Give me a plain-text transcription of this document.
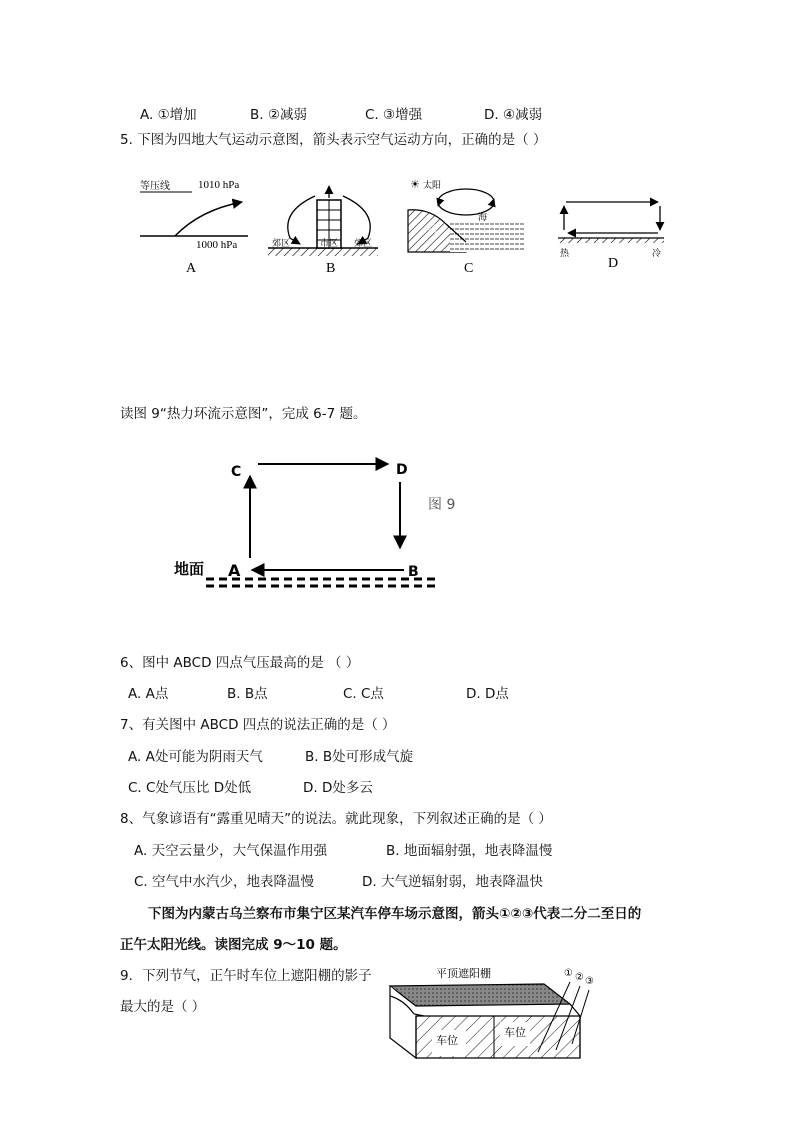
A. ①增加	B. ②减弱	C. ③增强	D. ④减弱
5. 下图为四地大气运动示意图，箭头表示空气运动方向，正确的是（ ）
等压线	1010 hPa
1000 hPa
A
郊区	市区 郊区
B
☀ 太阳
陆
海
C
热	冷
D
读图 9“热力环流示意图”，完成 6-7 题。
C	D
地面 A	B
图 9
6、图中 ABCD 四点气压最高的是 （ ）
A. A点	B. B点	C. C点	D. D点
7、有关图中 ABCD 四点的说法正确的是（ ）
A. A处可能为阴雨天气	B. B处可形成气旋
C. C处气压比 D处低	D. D处多云
8、气象谚语有“露重见晴天”的说法。就此现象，下列叙述正确的是（ ）
A. 天空云量少，大气保温作用强	B. 地面辐射强，地表降温慢
C. 空气中水汽少，地表降温慢	D. 大气逆辐射弱，地表降温快
下图为内蒙古乌兰察布市集宁区某汽车停车场示意图，箭头①②③代表二分二至日的
正午太阳光线。读图完成 9～10 题。
9．下列节气，正午时车位上遮阳棚的影子
最大的是（ ）
平顶遮阳棚
车位
车位
① ② ③
